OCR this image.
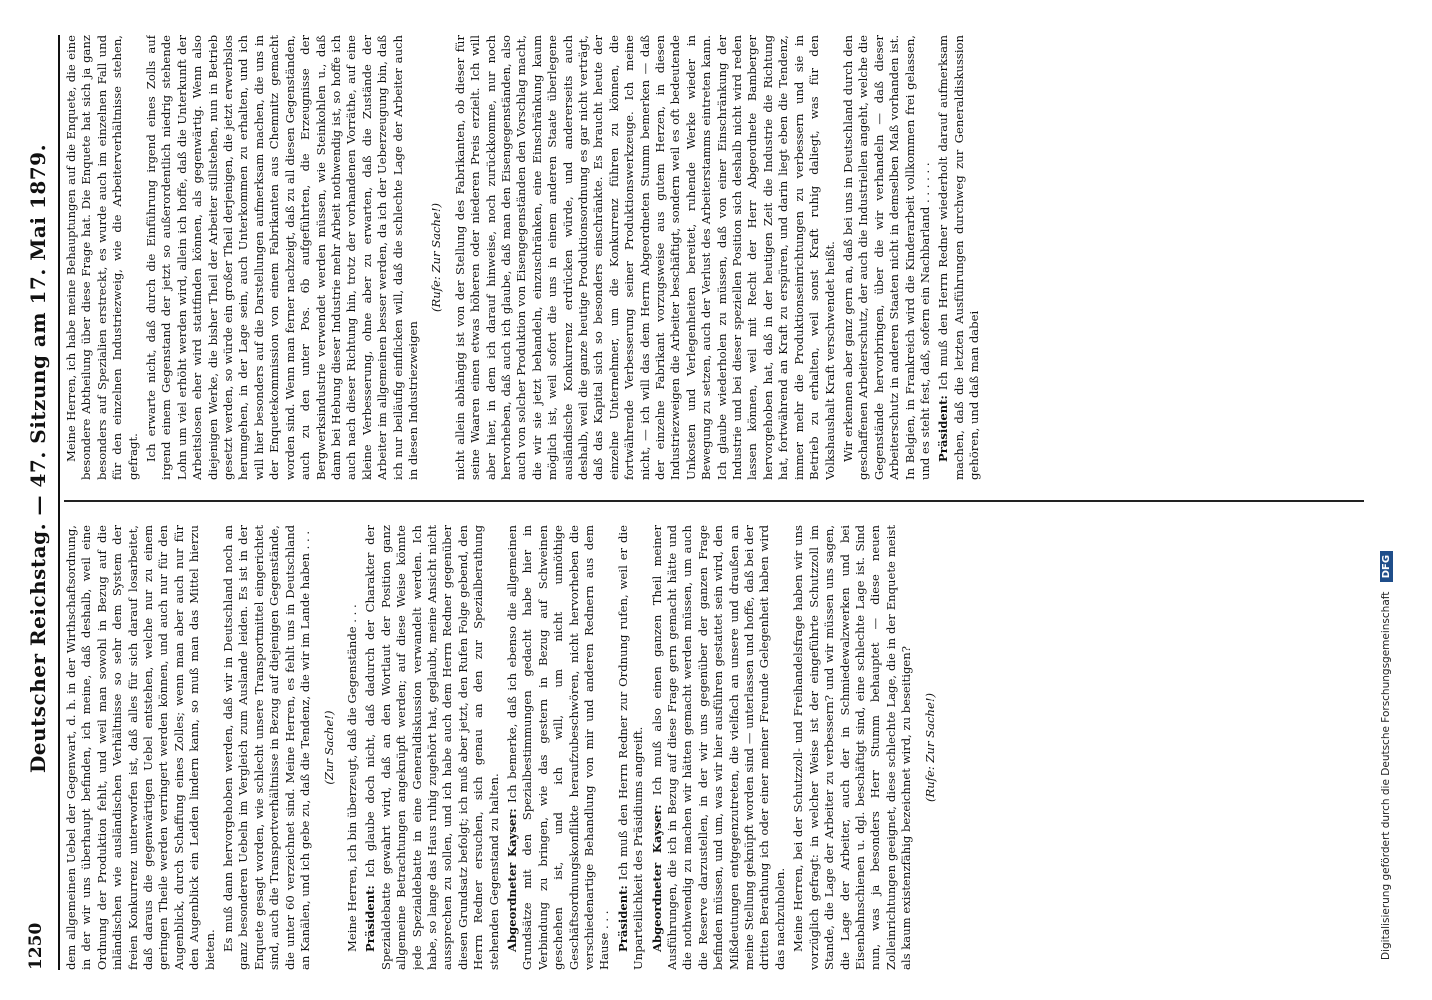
1250
Deutscher Reichstag. — 47. Sitzung am 17. Mai 1879. dem allgemeinen Uebel der Gegenwart, d. h. in der Wirthschaftsordnung, in der wir uns überhaupt befinden, ich meine, daß deshalb, weil eine Ordnung der Produktion fehlt, und weil man sowohl in Bezug auf die inländischen wie ausländischen Verhältnisse so sehr dem System der freien Konkurrenz unterworfen ist, daß alles für sich darauf losarbeitet, daß daraus die gegenwärtigen Uebel entstehen, welche nur zu einem geringen Theile werden verringert werden können, und auch nur für den Augenblick, durch Schaffung eines Zolles; wenn man aber auch nur für den Augenblick ein Leiden lindern kann, so muß man das Mittel hierzu bieten. Es muß dann hervorgehoben werden, daß wir in Deutschland noch an ganz besonderen Uebeln im Vergleich zum Auslande leiden. Es ist in der Enquete gesagt worden, wie schlecht unsere Transportmittel eingerichtet sind, auch die Transportverhältnisse in Bezug auf diejenigen Gegenstände, die unter 60 verzeichnet sind. Meine Herren, es fehlt uns in Deutschland an Kanälen, und ich gebe zu, daß die Tendenz, die wir im Lande haben . . . (Zur Sache!) Meine Herren, ich bin überzeugt, daß die Gegenstände . . . Präsident: Ich glaube doch nicht, daß dadurch der Charakter der Spezialdebatte gewahrt wird, daß an den Wortlaut der Position ganz allgemeine Betrachtungen angeknüpft werden; auf diese Weise könnte jede Spezialdebatte in eine Generaldiskussion verwandelt werden. Ich habe, so lange das Haus ruhig zugehört hat, geglaubt, meine Ansicht nicht aussprechen zu sollen, und ich habe auch dem Herrn Redner gegenüber diesen Grundsatz befolgt; ich muß aber jetzt, den Rufen Folge gebend, den Herrn Redner ersuchen, sich genau an den zur Spezialberathung stehenden Gegenstand zu halten. Abgeordneter Kayser: Ich bemerke, daß ich ebenso die allgemeinen Grundsätze mit den Spezialbestimmungen gedacht habe hier in Verbindung zu bringen, wie das gestern in Bezug auf Schweinen geschehen ist, und ich will, um nicht unnöthige Geschäftsordnungskonflikte heraufzubeschwören, nicht hervorheben die verschiedenartige Behandlung von mir und anderen Rednern aus dem Hause . . . Präsident: Ich muß den Herrn Redner zur Ordnung rufen, weil er die Unparteilichkeit des Präsidiums angreift. Abgeordneter Kayser: Ich muß also einen ganzen Theil meiner Ausführungen, die ich in Bezug auf diese Frage gern gemacht hätte und die nothwendig zu machen wir hätten gemacht werden müssen, um auch die Reserve darzustellen, in der wir uns gegenüber der ganzen Frage befinden müssen, und um, was wir hier ausführen gestattet sein wird, den Mißdeutungen entgegenzutreten, die vielfach an unsere und draußen an meine Stellung geknüpft worden sind — unterlassen und hoffe, daß bei der dritten Berathung ich oder einer meiner Freunde Gelegenheit haben wird das nachzuholen. Meine Herren, bei der Schutzzoll- und Freihandelsfrage haben wir uns vorzüglich gefragt: in welcher Weise ist der eingeführte Schutzzoll im Stande, die Lage der Arbeiter zu verbessern? und wir müssen uns sagen, die Lage der Arbeiter, auch der in Schmiedewalzwerken und bei Eisenbahnschienen u. dgl. beschäftigt sind, eine schlechte Lage ist. Sind nun, was ja besonders Herr Stumm behauptet — diese neuen Zolleinrichtungen geeignet, diese schlechte Lage, die in der Enquete meist als kaum existenzfähig bezeichnet wird, zu beseitigen? (Rufe: Zur Sache!)

Meine Herren, ich habe meine Behauptungen auf die Enquete, die eine besondere Abtheilung über diese Frage hat. Die Enquete hat sich ja ganz besonders auf Spezialien erstreckt, es wurde auch im einzelnen Fall und für den einzelnen Industriezweig, wie die Arbeiterverhältnisse stehen, gefragt. Ich erwarte nicht, daß durch die Einführung irgend eines Zolls auf irgend einem Gegenstand der jetzt so außerordentlich niedrig stehende Lohn um viel erhöht werden wird, allein ich hoffe, daß die Unterkunft der Arbeitslosen eher wird stattfinden können, als gegenwärtig. Wenn also diejenigen Werke, die bisher Theil der Arbeiter stillstehen, nun in Betrieb gesetzt werden, so würde ein großer Theil derjenigen, die jetzt erwerbslos herumgehen, in der Lage sein, auch Unterkommen zu erhalten, und ich will hier besonders auf die Darstellungen aufmerksam machen, die uns in der Enquetekommission von einem Fabrikanten aus Chemnitz gemacht worden sind. Wenn man ferner nachzeigt, daß zu all diesen Gegenständen, auch zu den unter Pos. 6b aufgeführten, die Erzeugnisse der Bergwerksindustrie verwendet werden müssen, wie Steinkohlen u., daß dann bei Hebung dieser Industrie mehr Arbeit nothwendig ist, so hoffe ich auch nach dieser Richtung hin, trotz der vorhandenen Vorräthe, auf eine kleine Verbesserung, ohne aber zu erwarten, daß die Zustände der Arbeiter im allgemeinen besser werden, da ich der Ueberzeugung bin, daß ich nur beiläufig einflicken will, daß die schlechte Lage der Arbeiter auch in diesen Industriezweigen

(Rufe: Zur Sache!) nicht allein abhängig ist von der Stellung des Fabrikanten, ob dieser für seine Waaren einen etwas höheren oder niederen Preis erzielt. Ich will aber hier, in dem ich darauf hinweise, noch zurückkomme, nur noch hervorheben, daß auch ich glaube, daß man den Eisengegenständen, also auch von solcher Produktion von Eisengegenständen den Vorschlag macht, die wir sie jetzt behandeln, einzuschränken, eine Einschränkung kaum möglich ist, weil sofort die uns in einem anderen Staate überlegene ausländische Konkurrenz erdrücken würde, und andererseits auch deshalb, weil die ganze heutige Produktionsordnung es gar nicht verträgt, daß das Kapital sich so besonders einschränkte. Es braucht heute der einzelne Unternehmer, um die Konkurrenz führen zu können, die fortwährende Verbesserung seiner Produktionswerkzeuge. Ich meine nicht, — ich will das dem Herrn Abgeordneten Stumm bemerken — daß der einzelne Fabrikant vorzugsweise aus gutem Herzen, in diesen Industriezweigen die Arbeiter beschäftigt, sondern weil es oft bedeutende Unkosten und Verlegenheiten bereitet, ruhende Werke wieder in Bewegung zu setzen, auch der Verlust des Arbeiterstamms eintreten kann. Ich glaube wiederholen zu müssen, daß von einer Einschränkung der Industrie und bei dieser speziellen Position sich deshalb nicht wird reden lassen können, weil mit Recht der Herr Abgeordnete Bamberger hervorgehoben hat, daß in der heutigen Zeit die Industrie die Richtung hat, fortwährend an Kraft zu erspüren, und darin liegt eben die Tendenz, immer mehr die Produktionseinrichtungen zu verbessern und sie in Betrieb zu erhalten, weil sonst Kraft ruhig daliegt, was für den Volkshaushalt Kraft verschwendet heißt. Wir erkennen aber ganz gern an, daß bei uns in Deutschland durch den geschaffenen Arbeiterschutz, der auch die Industriellen angeht, welche die Gegenstände hervorbringen, über die wir verhandeln — daß dieser Arbeiterschutz in anderen Staaten nicht in demselben Maß vorhanden ist. In Belgien, in Frankreich wird die Kinderarbeit vollkommen frei gelassen, und es steht fest, daß, sofern ein Nachbarland . . . . . . Präsident: Ich muß den Herrn Redner wiederholt darauf aufmerksam machen, daß die letzten Ausführungen durchweg zur Generaldiskussion gehören, und daß man dabei

Digitalisierung gefördert durch die Deutsche Forschungsgemeinschaft DFG
